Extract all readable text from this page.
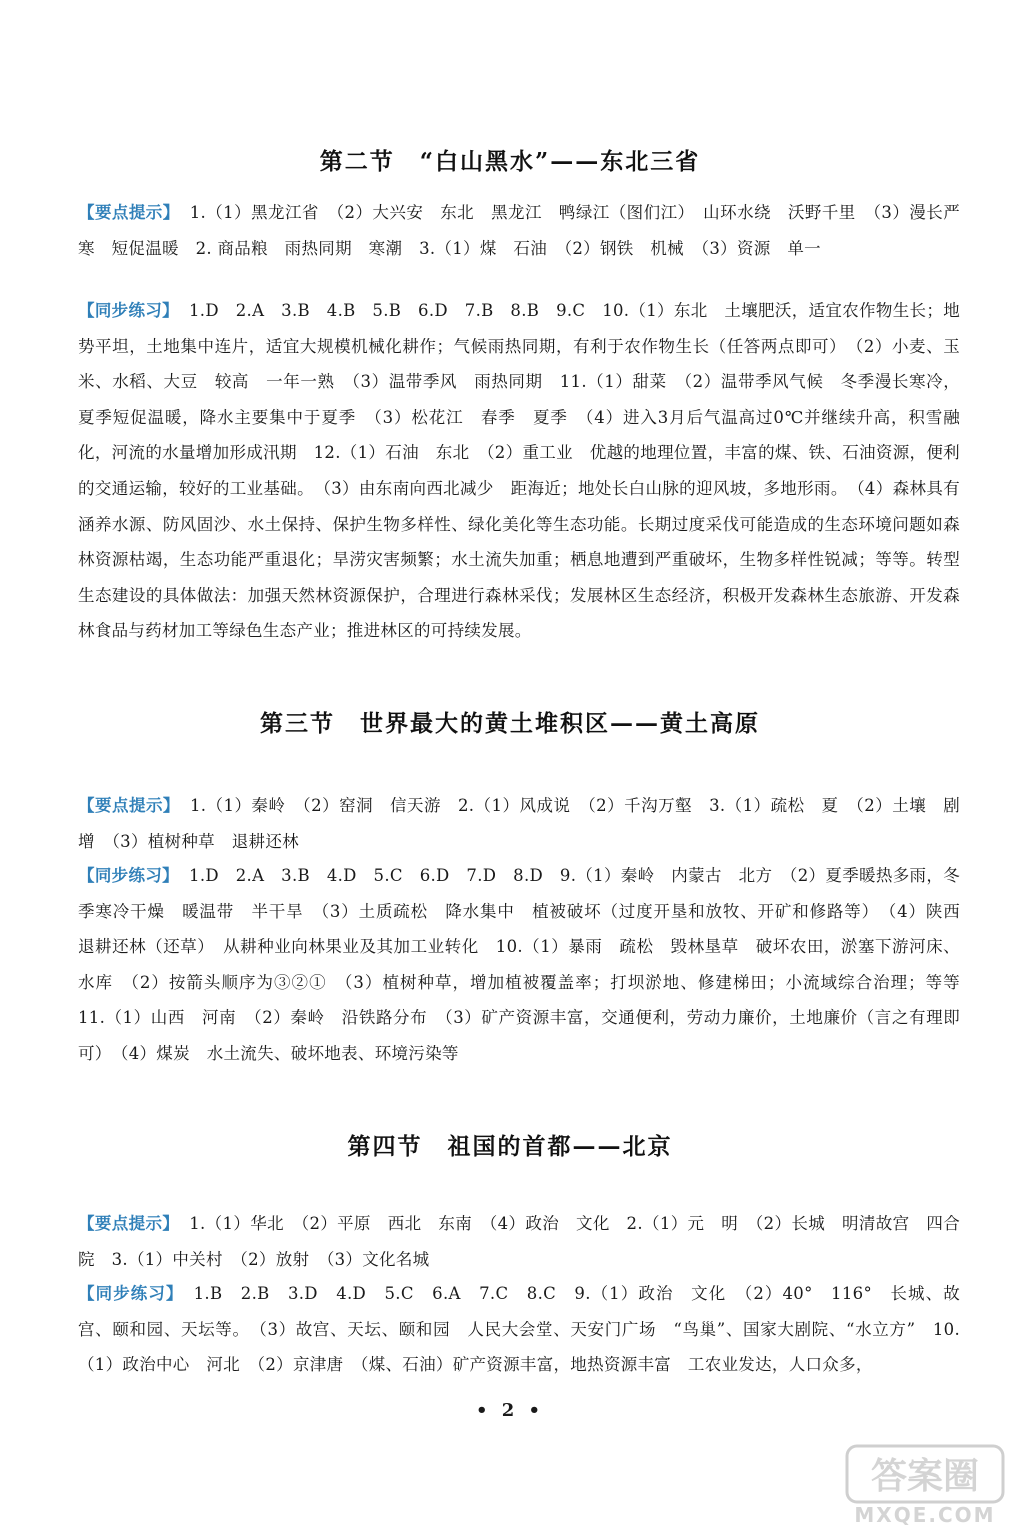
第二节　“白山黑水”——东北三省
【要点提示】 1.（1）黑龙江省　（2）大兴安　东北　黑龙江　鸭绿江（图们江）　山环水绕　沃野千里　（3）漫长严寒　短促温暖　2. 商品粮　雨热同期　寒潮　3.（1）煤　石油　（2）钢铁　机械　（3）资源　单一
【同步练习】 1.D　2.A　3.B　4.B　5.B　6.D　7.B　8.B　9.C　10.（1）东北　土壤肥沃，适宜农作物生长；地势平坦，土地集中连片，适宜大规模机械化耕作；气候雨热同期，有利于农作物生长（任答两点即可）　（2）小麦、玉米、水稻、大豆　较高　一年一熟　（3）温带季风　雨热同期　11.（1）甜菜　（2）温带季风气候　冬季漫长寒冷，夏季短促温暖，降水主要集中于夏季　（3）松花江　春季　夏季　（4）进入3月后气温高过0℃并继续升高，积雪融化，河流的水量增加形成汛期　12.（1）石油　东北　（2）重工业　优越的地理位置，丰富的煤、铁、石油资源，便利的交通运输，较好的工业基础。　（3）由东南向西北减少　距海近；地处长白山脉的迎风坡，多地形雨。　（4）森林具有涵养水源、防风固沙、水土保持、保护生物多样性、绿化美化等生态功能。长期过度采伐可能造成的生态环境问题如森林资源枯竭，生态功能严重退化；旱涝灾害频繁；水土流失加重；栖息地遭到严重破坏，生物多样性锐减；等等。转型生态建设的具体做法：加强天然林资源保护，合理进行森林采伐；发展林区生态经济，积极开发森林生态旅游、开发森林食品与药材加工等绿色生态产业；推进林区的可持续发展。
第三节　世界最大的黄土堆积区——黄土高原
【要点提示】 1.（1）秦岭　（2）窑洞　信天游　2.（1）风成说　（2）千沟万壑　3.（1）疏松　夏　（2）土壤　剧增　（3）植树种草　退耕还林
【同步练习】 1.D　2.A　3.B　4.D　5.C　6.D　7.D　8.D　9.（1）秦岭　内蒙古　北方　（2）夏季暖热多雨，冬季寒冷干燥　暖温带　半干旱　（3）土质疏松　降水集中　植被破坏（过度开垦和放牧、开矿和修路等）　（4）陕西　退耕还林（还草）　从耕种业向林果业及其加工业转化　10.（1）暴雨　疏松　毁林垦草　破坏农田，淤塞下游河床、水库　（2）按箭头顺序为③②①　（3）植树种草，增加植被覆盖率；打坝淤地、修建梯田；小流域综合治理；等等　11.（1）山西　河南　（2）秦岭　沿铁路分布　（3）矿产资源丰富，交通便利，劳动力廉价，土地廉价（言之有理即可）　（4）煤炭　水土流失、破坏地表、环境污染等
第四节　祖国的首都——北京
【要点提示】 1.（1）华北　（2）平原　西北　东南　（4）政治　文化　2.（1）元　明　（2）长城　明清故宫　四合院　3.（1）中关村　（2）放射　（3）文化名城
【同步练习】 1.B　2.B　3.D　4.D　5.C　6.A　7.C　8.C　9.（1）政治　文化　（2）40°　116°　长城、故宫、颐和园、天坛等。　（3）故宫、天坛、颐和园　人民大会堂、天安门广场　“鸟巢”、国家大剧院、“水立方”　10.（1）政治中心　河北　（2）京津唐　（煤、石油）矿产资源丰富，地热资源丰富　工农业发达，人口众多，
• 2 •
答案圈
MXQE.COM
